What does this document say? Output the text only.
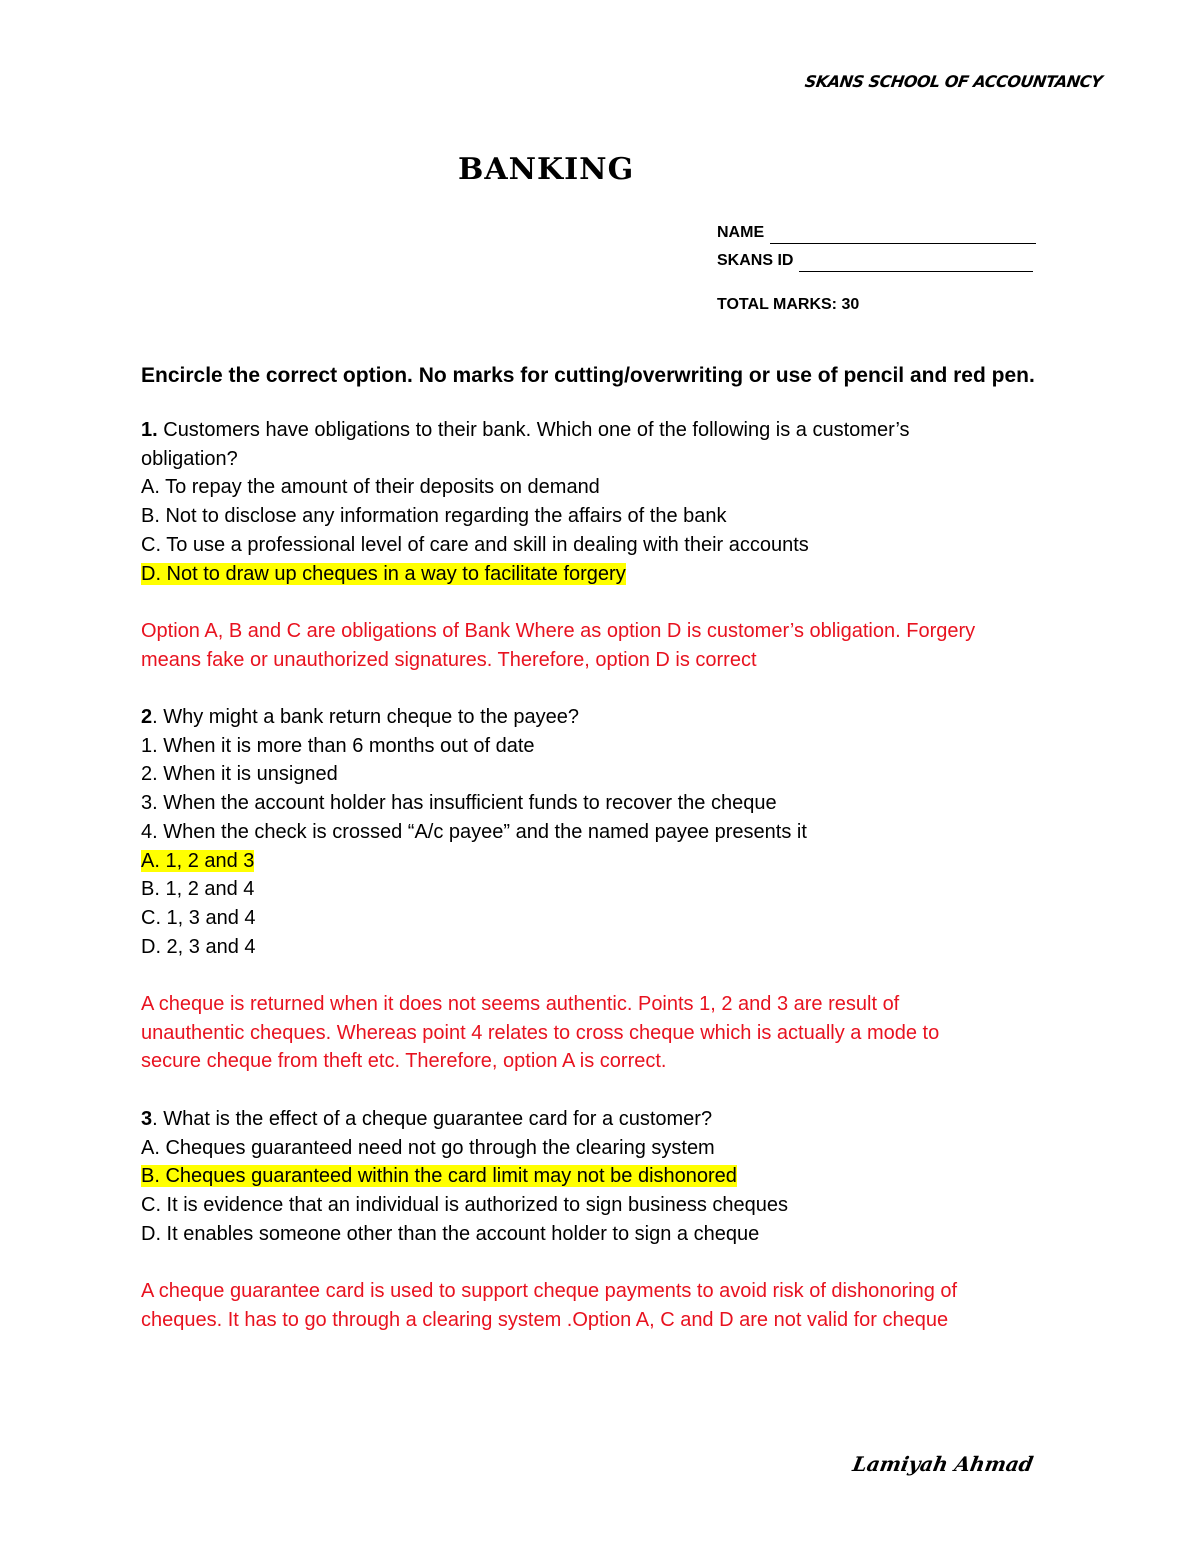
SKANS SCHOOL OF ACCOUNTANCY
BANKING
NAME
SKANS ID
TOTAL MARKS: 30
Encircle the correct option. No marks for cutting/overwriting or use of pencil and red pen.
1. Customers have obligations to their bank. Which one of the following is a customer’s
obligation?
A. To repay the amount of their deposits on demand
B. Not to disclose any information regarding the affairs of the bank
C. To use a professional level of care and skill in dealing with their accounts
D. Not to draw up cheques in a way to facilitate forgery
Option A, B and C are obligations of Bank Where as option D is customer’s obligation. Forgery
means fake or unauthorized signatures. Therefore, option D is correct
2. Why might a bank return cheque to the payee?
1. When it is more than 6 months out of date
2. When it is unsigned
3. When the account holder has insufficient funds to recover the cheque
4. When the check is crossed “A/c payee” and the named payee presents it
A. 1, 2 and 3
B. 1, 2 and 4
C. 1, 3 and 4
D. 2, 3 and 4
A cheque is returned when it does not seems authentic. Points 1, 2 and 3 are result of
unauthentic cheques. Whereas point 4 relates to cross cheque which is actually a mode to
secure cheque from theft etc. Therefore, option A is correct.
3. What is the effect of a cheque guarantee card for a customer?
A. Cheques guaranteed need not go through the clearing system
B. Cheques guaranteed within the card limit may not be dishonored
C. It is evidence that an individual is authorized to sign business cheques
D. It enables someone other than the account holder to sign a cheque
A cheque guarantee card is used to support cheque payments to avoid risk of dishonoring of
cheques. It has to go through a clearing system .Option A, C and D are not valid for cheque
Lamiyah Ahmad
